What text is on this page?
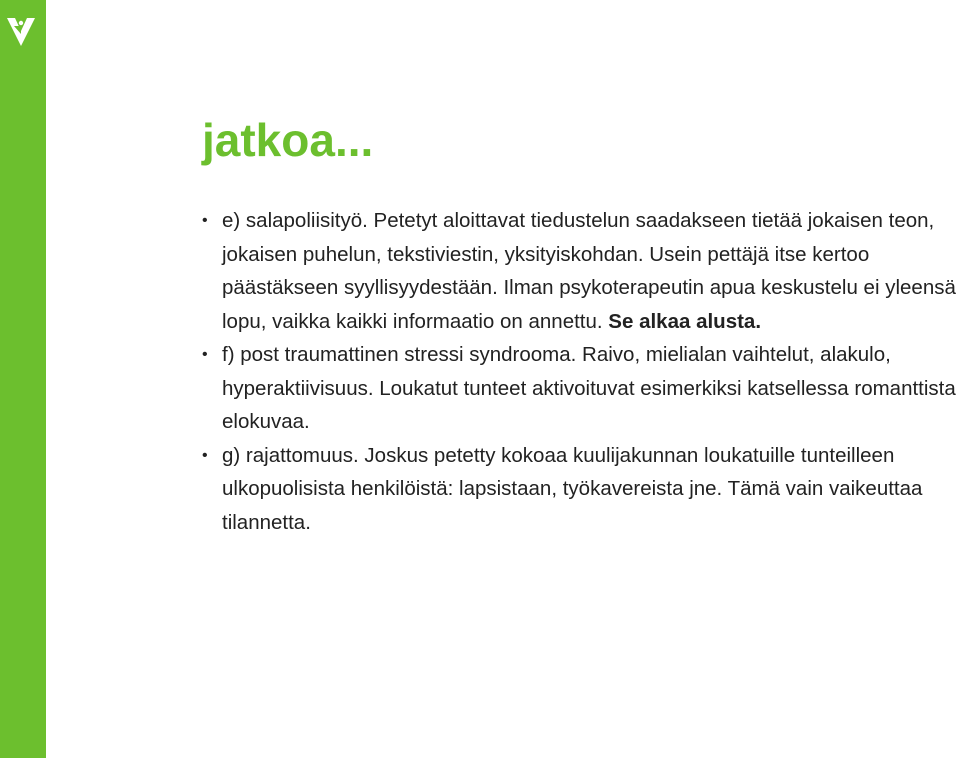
jatkoa...
• e) salapoliisityö. Petetyt aloittavat tiedustelun saadakseen tietää jokaisen teon, jokaisen puhelun, tekstiviestin, yksityiskohdan. Usein pettäjä itse kertoo päästäkseen syyllisyydestään. Ilman psykoterapeutin apua keskustelu ei yleensä lopu, vaikka kaikki informaatio on annettu. Se alkaa alusta.
• f) post traumattinen stressi syndrooma. Raivo, mielialan vaihtelut, alakulo, hyperaktiivisuus. Loukatut tunteet aktivoituvat esimerkiksi katsellessa romanttista elokuvaa.
• g) rajattomuus. Joskus petetty kokoaa kuulijakunnan loukatuille tunteilleen ulkopuolisista henkilöistä: lapsistaan, työkavereista jne. Tämä vain vaikeuttaa tilannetta.
